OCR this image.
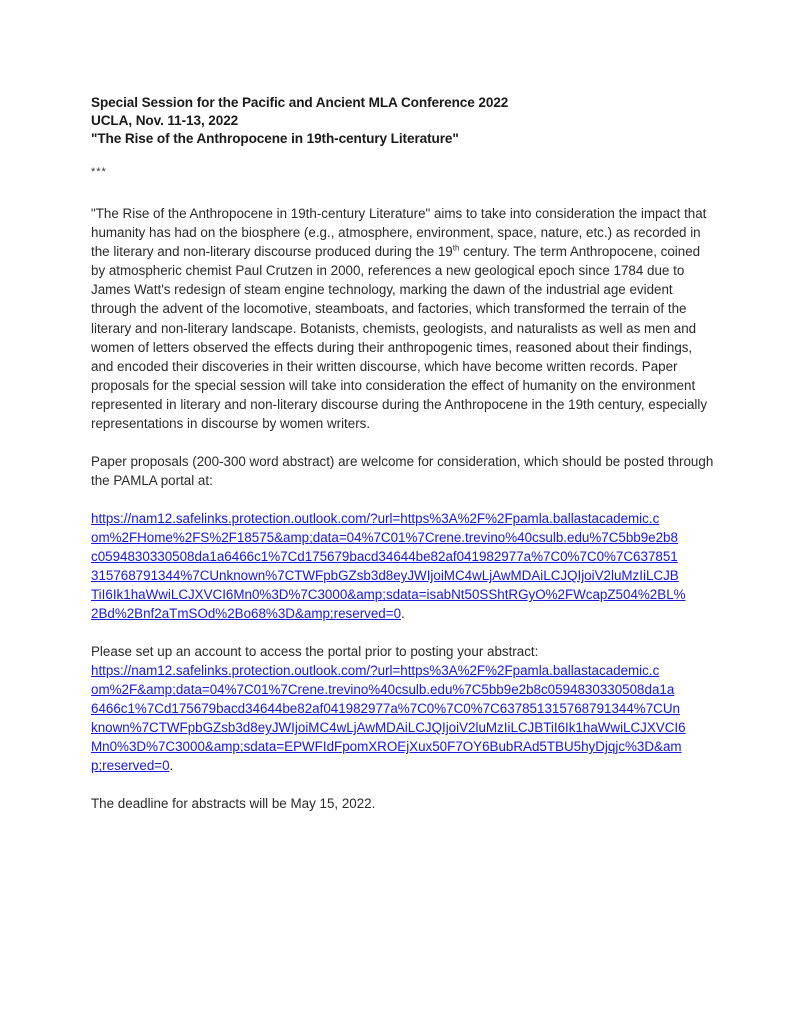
Special Session for the Pacific and Ancient MLA Conference 2022
UCLA, Nov. 11-13, 2022
"The Rise of the Anthropocene in 19th-century Literature"
***

"The Rise of the Anthropocene in 19th-century Literature" aims to take into consideration the impact that humanity has had on the biosphere (e.g., atmosphere, environment, space, nature, etc.) as recorded in the literary and non-literary discourse produced during the 19th century. The term Anthropocene, coined by atmospheric chemist Paul Crutzen in 2000, references a new geological epoch since 1784 due to James Watt's redesign of steam engine technology, marking the dawn of the industrial age evident through the advent of the locomotive, steamboats, and factories, which transformed the terrain of the literary and non-literary landscape. Botanists, chemists, geologists, and naturalists as well as men and women of letters observed the effects during their anthropogenic times, reasoned about their findings, and encoded their discoveries in their written discourse, which have become written records. Paper proposals for the special session will take into consideration the effect of humanity on the environment represented in literary and non-literary discourse during the Anthropocene in the 19th century, especially representations in discourse by women writers.

Paper proposals (200-300 word abstract) are welcome for consideration, which should be posted through the PAMLA portal at:

https://nam12.safelinks.protection.outlook.com/?url=https%3A%2F%2Fpamla.ballastacademic.c
om%2FHome%2FS%2F18575&amp;data=04%7C01%7Crene.trevino%40csulb.edu%7C5bb9e2b8
c0594830330508da1a6466c1%7Cd175679bacd34644be82af041982977a%7C0%7C0%7C637851
315768791344%7CUnknown%7CTWFpbGZsb3d8eyJWIjoiMC4wLjAwMDAiLCJQIjoiV2luMzIiLCJB
TiI6Ik1haWwiLCJXVCI6Mn0%3D%7C3000&amp;sdata=isabNt50SShtRGyO%2FWcapZ504%2BL%
2Bd%2Bnf2aTmSOd%2Bo68%3D&amp;reserved=0.

Please set up an account to access the portal prior to posting your abstract:

https://nam12.safelinks.protection.outlook.com/?url=https%3A%2F%2Fpamla.ballastacademic.c
om%2F&amp;data=04%7C01%7Crene.trevino%40csulb.edu%7C5bb9e2b8c0594830330508da1a
6466c1%7Cd175679bacd34644be82af041982977a%7C0%7C0%7C637851315768791344%7CUn
known%7CTWFpbGZsb3d8eyJWIjoiMC4wLjAwMDAiLCJQIjoiV2luMzIiLCJBTiI6Ik1haWwiLCJXVCI6
Mn0%3D%7C3000&amp;sdata=EPWFIdFpomXROEjXux50F7OY6BubRAd5TBU5hyDjqjc%3D&am
p;reserved=0.

The deadline for abstracts will be May 15, 2022.
